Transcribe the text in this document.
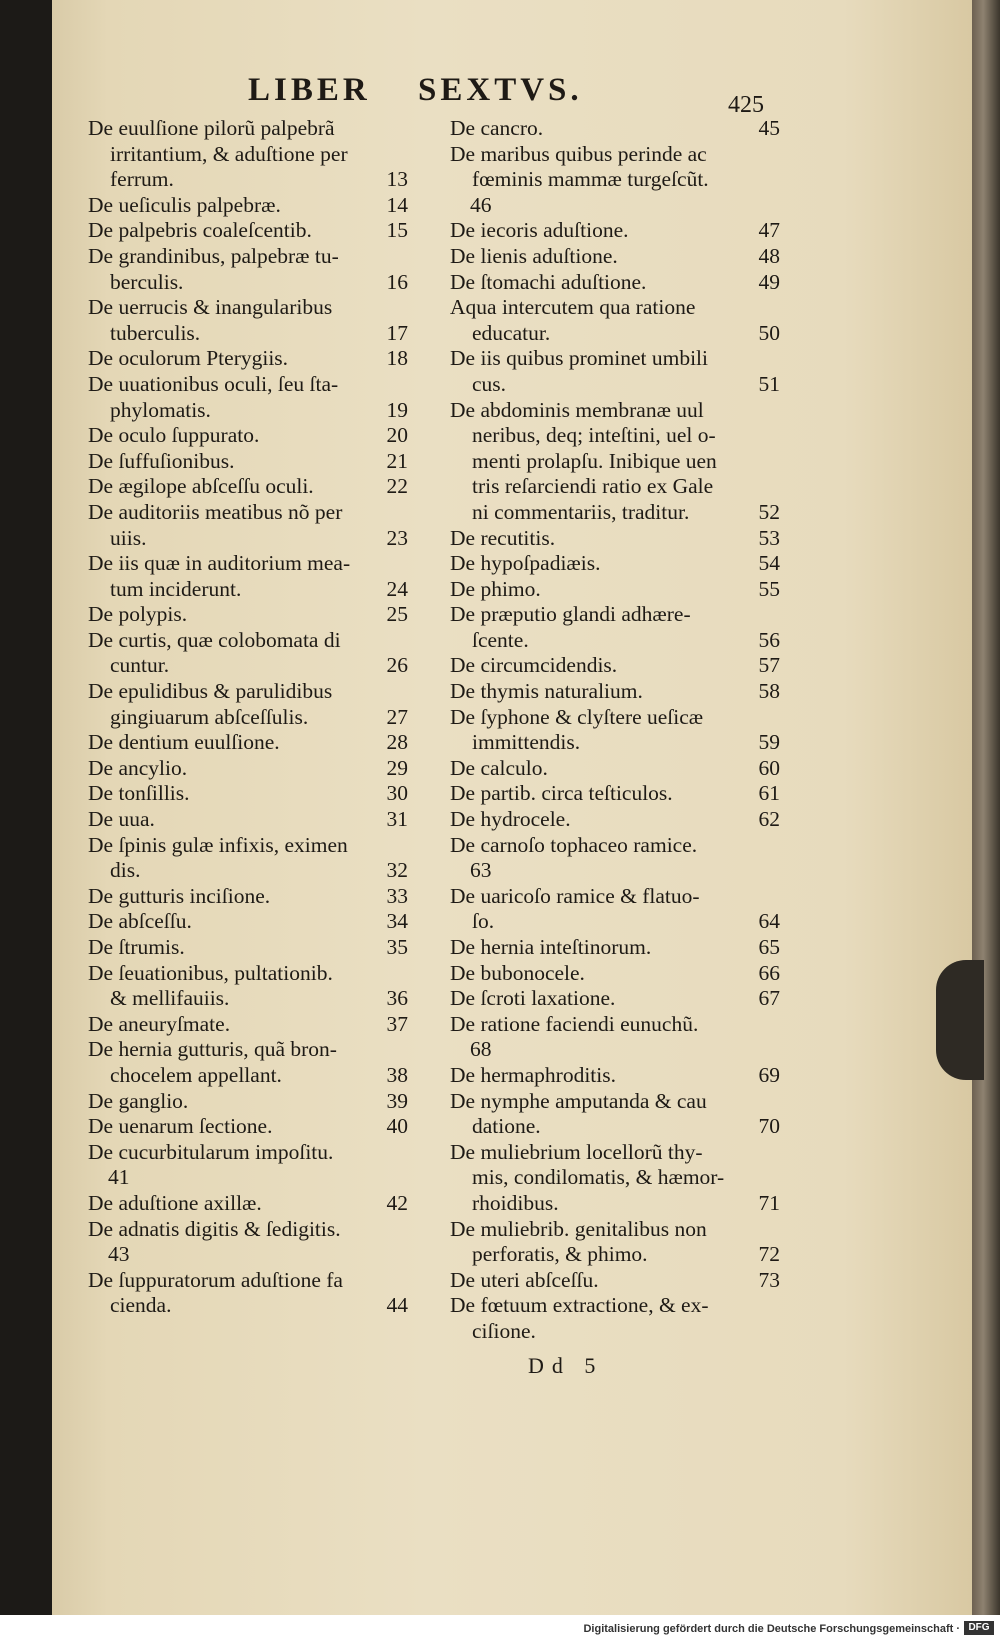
LIBER SEXTVS.	425
De euulſione pilorũ palpebrã
irritantium, & aduſtione per
ferrum.	13
De ueſiculis palpebræ.	14
De palpebris coaleſcentib.	15
De grandinibus, palpebræ tu-
berculis.	16
De uerrucis & inangularibus
tuberculis.	17
De oculorum Pterygiis.	18
De uuationibus oculi, ſeu ſta-
phylomatis.	19
De oculo ſuppurato.	20
De ſuffuſionibus.	21
De ægilope abſceſſu oculi.	22
De auditoriis meatibus nõ per
uiis.	23
De iis quæ in auditorium mea-
tum inciderunt.	24
De polypis.	25
De curtis, quæ colobomata di
cuntur.	26
De epulidibus & parulidibus
gingiuarum abſceſſulis.	27
De dentium euulſione.	28
De ancylio.	29
De tonſillis.	30
De uua.	31
De ſpinis gulæ infixis, eximen
dis.	32
De gutturis inciſione.	33
De abſceſſu.	34
De ſtrumis.	35
De ſeuationibus, pultationib.
& mellifauiis.	36
De aneuryſmate.	37
De hernia gutturis, quã bron-
chocelem appellant.	38
De ganglio.	39
De uenarum ſectione.	40
De cucurbitularum impoſitu.
41
De aduſtione axillæ.	42
De adnatis digitis & ſedigitis.
43
De ſuppuratorum aduſtione fa
cienda.	44
De cancro.	45
De maribus quibus perinde ac
fœminis mammæ turgeſcũt.
46
De iecoris aduſtione.	47
De lienis aduſtione.	48
De ſtomachi aduſtione.	49
Aqua intercutem qua ratione
educatur.	50
De iis quibus prominet umbili
cus.	51
De abdominis membranæ uul
neribus, deq; inteſtini, uel o-
menti prolapſu. Inibique uen
tris reſarciendi ratio ex Gale
ni commentariis, traditur.	52
De recutitis.	53
De hypoſpadiæis.	54
De phimo.	55
De præputio glandi adhære-
ſcente.	56
De circumcidendis.	57
De thymis naturalium.	58
De ſyphone & clyſtere ueſicæ
immittendis.	59
De calculo.	60
De partib. circa teſticulos.	61
De hydrocele.	62
De carnoſo tophaceo ramice.
63
De uaricoſo ramice & flatuo-
ſo.	64
De hernia inteſtinorum.	65
De bubonocele.	66
De ſcroti laxatione.	67
De ratione faciendi eunuchũ.
68
De hermaphroditis.	69
De nymphe amputanda & cau
datione.	70
De muliebrium locellorũ thy-
mis, condilomatis, & hæmor-
rhoidibus.	71
De muliebrib. genitalibus non
perforatis, & phimo.	72
De uteri abſceſſu.	73
De fœtuum extractione, & ex-
ciſione.
Dd 5
Digitalisierung gefördert durch die Deutsche Forschungsgemeinschaft · DFG
